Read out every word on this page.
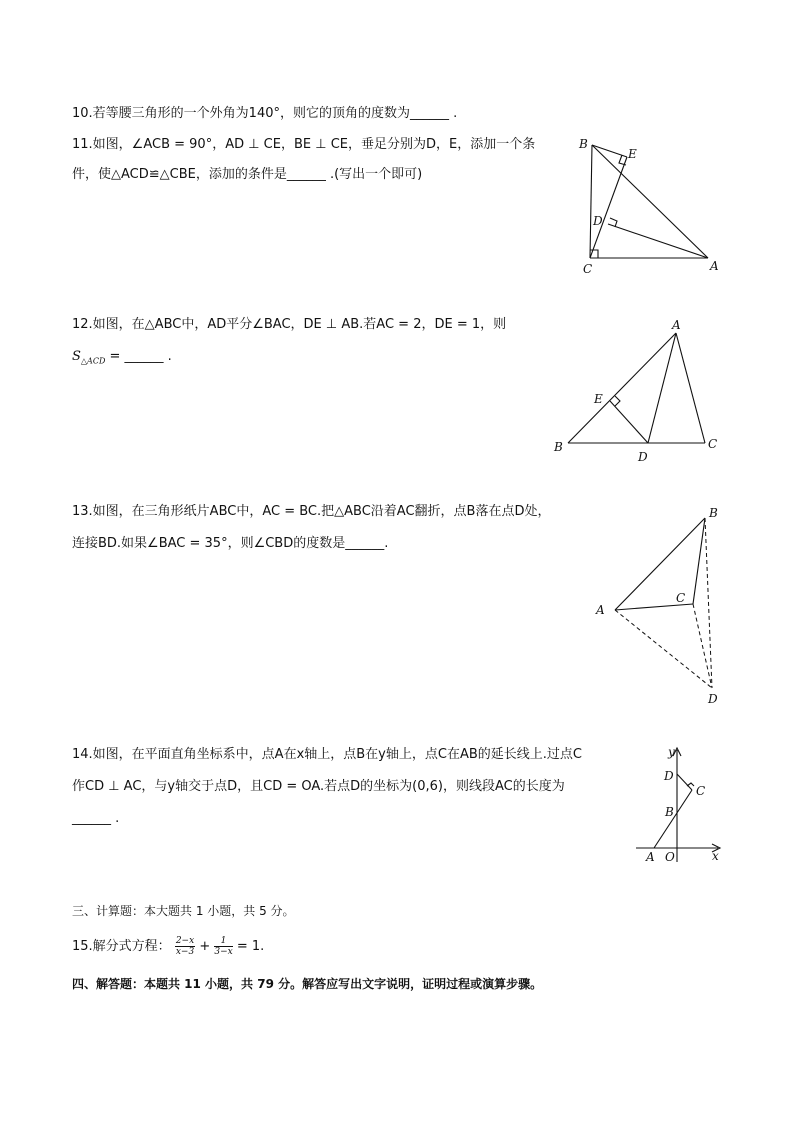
10.若等腰三角形的一个外角为140°，则它的顶角的度数为______ .
11.如图，∠ACB = 90°，AD ⊥ CE，BE ⊥ CE，垂足分别为D，E，添加一个条
件，使△ACD≌△CBE，添加的条件是______ .(写出一个即可)
B
E
D
C	A
12.如图，在△ABC中，AD平分∠BAC，DE ⊥ AB.若AC = 2，DE = 1，则
$S_{\triangle ACD}$ = ______ .
A
E
B
D
C
13.如图，在三角形纸片ABC中，AC = BC.把△ABC沿着AC翻折，点B落在点D处，
连接BD.如果∠BAC = 35°，则∠CBD的度数是______.
B
C
A
D
14.如图，在平面直角坐标系中，点A在x轴上，点B在y轴上，点C在AB的延长线上.过点C
作CD ⊥ AC，与y轴交于点D，且CD = OA.若点D的坐标为(0,6)，则线段AC的长度为
______ .
y
D
C
B
A O	x
三、计算题：本大题共 1 小题，共 5 分。
15.解分式方程： $\frac{2-x}{x-3} + \frac{1}{3-x} = 1$.
四、解答题：本题共 11 小题，共 79 分。解答应写出文字说明，证明过程或演算步骤。
